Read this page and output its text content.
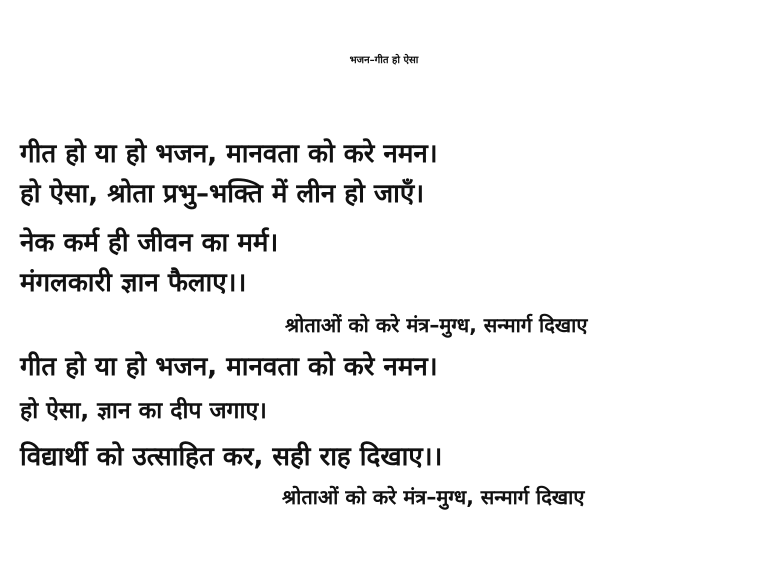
भजन–गीत हो ऐसा
गीत हो या हो भजन, मानवता को करे नमन।
हो ऐसा, श्रोता प्रभु–भक्ति में लीन हो जाएँ।
नेक कर्म ही जीवन का मर्म।
मंगलकारी ज्ञान फैलाए।।
श्रोताओं को करे मंत्र–मुग्ध, सन्मार्ग दिखाए
गीत हो या हो भजन, मानवता को करे नमन।
हो ऐसा, ज्ञान का दीप जगाए।
विद्यार्थी को उत्साहित कर, सही राह दिखाए।।
श्रोताओं को करे मंत्र–मुग्ध, सन्मार्ग दिखाए
